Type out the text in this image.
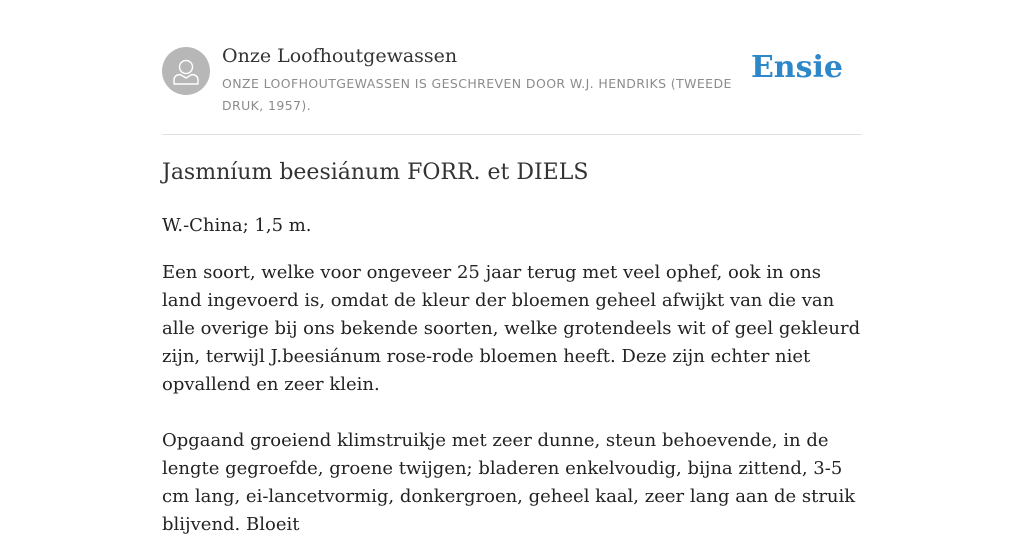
Onze Loofhoutgewassen
ONZE LOOFHOUTGEWASSEN IS GESCHREVEN DOOR W.J. HENDRIKS (TWEEDE DRUK, 1957).
Ensie
Jasmníum beesiánum FORR. et DIELS

W.-China; 1,5 m.

Een soort, welke voor ongeveer 25 jaar terug met veel ophef, ook in ons land ingevoerd is, omdat de kleur der bloemen geheel afwijkt van die van alle overige bij ons bekende soorten, welke grotendeels wit of geel gekleurd zijn, terwijl J.beesiánum rose-rode bloemen heeft. Deze zijn echter niet opvallend en zeer klein.

Opgaand groeiend klimstruikje met zeer dunne, steun behoevende, in de lengte gegroefde, groene twijgen; bladeren enkelvoudig, bijna zittend, 3-5 cm lang, ei-lancetvormig, donkergroen, geheel kaal, zeer lang aan de struik blijvend. Bloeit
